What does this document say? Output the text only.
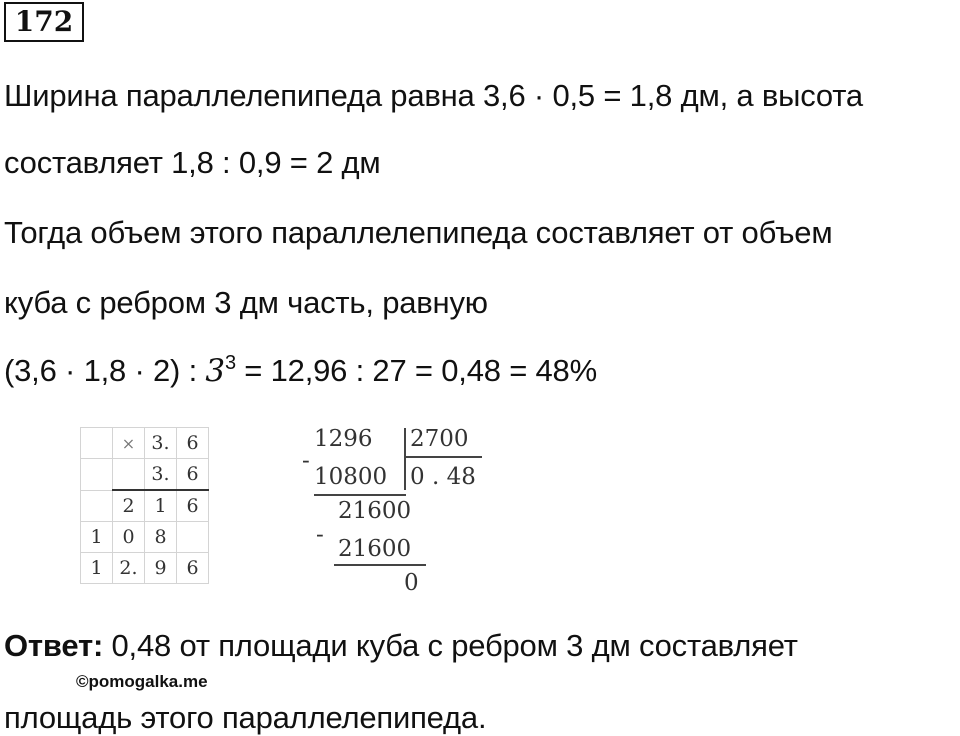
172
Ширина параллелепипеда равна 3,6 · 0,5 = 1,8 дм, а высота
составляет 1,8 : 0,9 = 2 дм
Тогда объем этого параллелепипеда составляет от объем
куба с ребром 3 дм часть, равную
(3,6 · 1,8 · 2) : $3^3 = 12,96$ : 27 = 0,48 = 48%
	×	3.	6
		3.	6
	2	1	6
1	0	8	
1	2.	9	6
1296 2700
-
10800 0 . 48
21600
-
21600
0
Ответ: 0,48 от площади куба с ребром 3 дм составляет
©pomogalka.me
площадь этого параллелепипеда.
